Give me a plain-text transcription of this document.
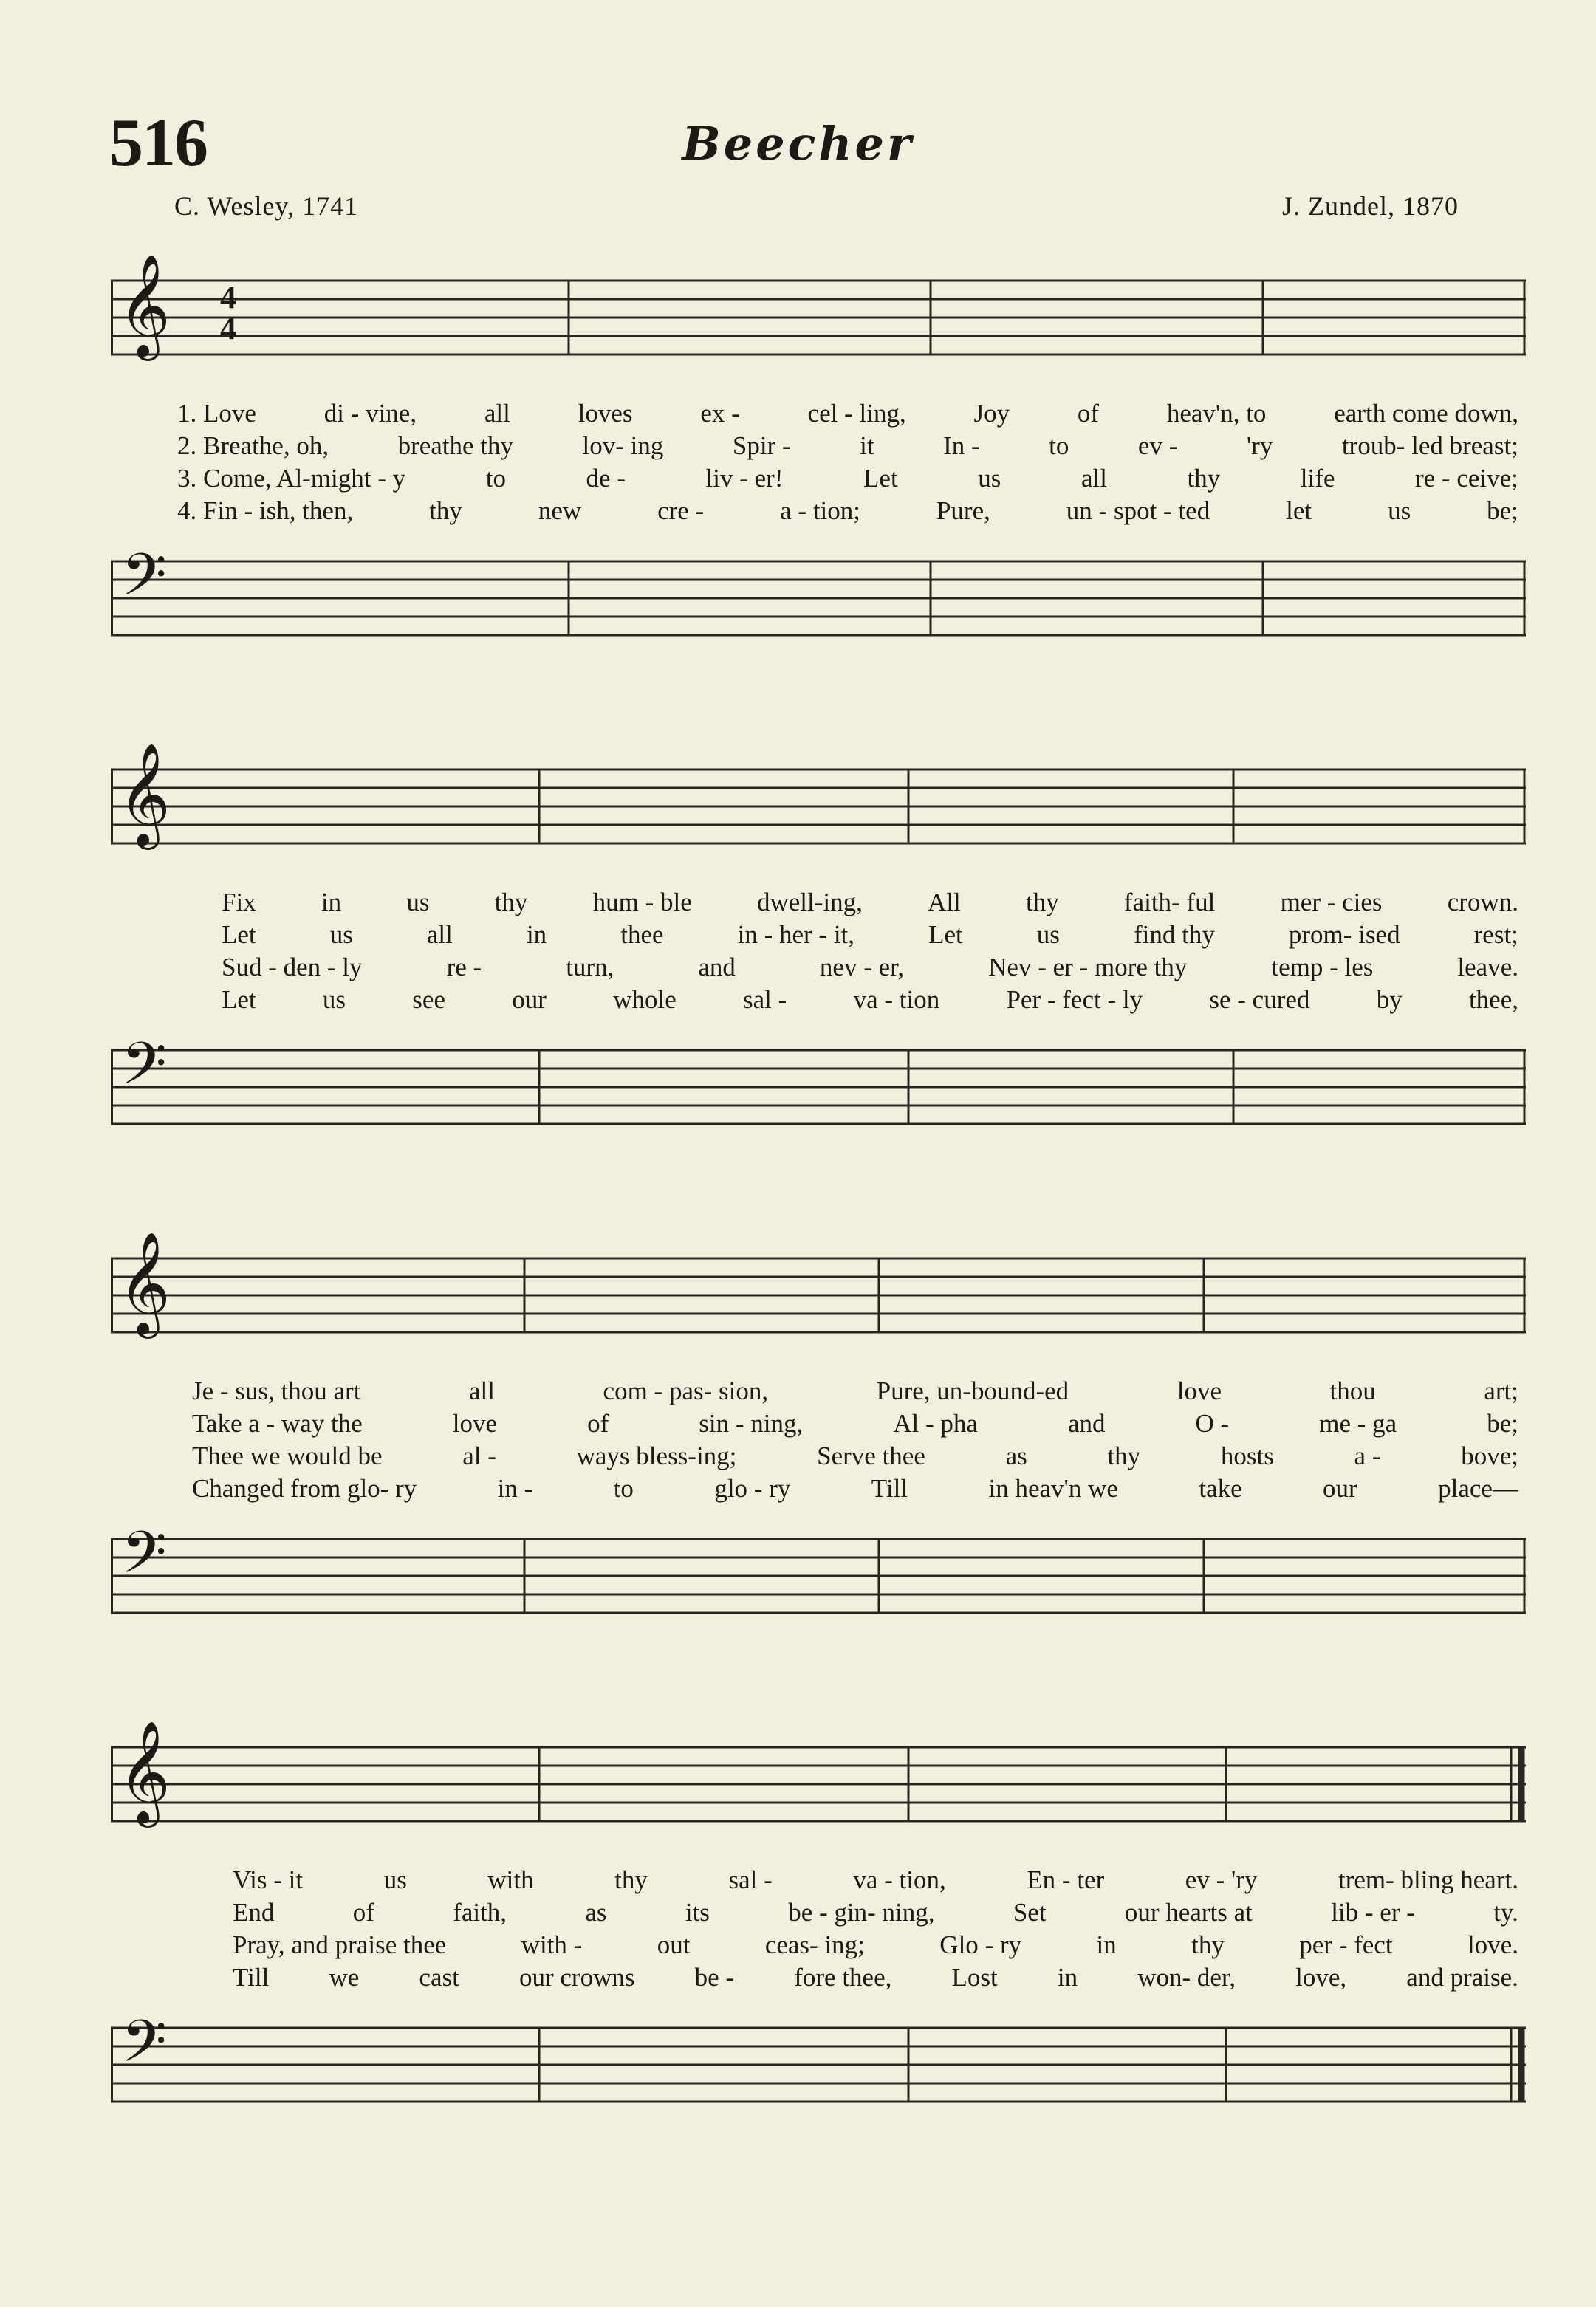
516	Beecher
C. Wesley, 1741	J. Zundel, 1870
𝄞 4
4
1. Love	di - vine,	all	loves	ex -	cel - ling,	Joy	of	heav'n, to	earth come down,
2. Breathe, oh,	breathe thy	lov- ing	Spir -	it	In -	to	ev -	'ry	troub- led breast;
3. Come, Al-might - y	to	de -	liv - er!	Let	us	all	thy	life	re - ceive;
4. Fin - ish, then,	thy	new	cre -	a - tion;	Pure,	un - spot - ted	let	us	be;
𝄢
𝄞
Fix	in	us	thy	hum - ble	dwell-ing,	All	thy	faith- ful	mer - cies	crown.
Let	us	all	in	thee	in - her - it,	Let	us	find thy	prom- ised	rest;
Sud - den - ly	re -	turn,	and	nev - er,	Nev - er - more thy	temp - les	leave.
Let	us	see	our	whole	sal -	va - tion	Per - fect - ly	se - cured	by	thee,
𝄢
𝄞
Je - sus, thou art	all	com - pas- sion,	Pure, un-bound-ed	love	thou	art;
Take a - way the	love	of	sin - ning,	Al - pha	and	O -	me - ga	be;
Thee we would be	al -	ways bless-ing;	Serve thee	as	thy	hosts	a -	bove;
Changed from glo- ry	in -	to	glo - ry	Till	in heav'n we	take	our	place—
𝄢
𝄞
Vis - it	us	with	thy	sal -	va - tion,	En - ter	ev - 'ry	trem- bling heart.
End	of	faith,	as	its	be - gin- ning,	Set	our hearts at	lib - er -	ty.
Pray, and praise thee	with -	out	ceas- ing;	Glo - ry	in	thy	per - fect	love.
Till we cast our crowns be - fore thee, Lost in won- der, love, and praise.
𝄢
